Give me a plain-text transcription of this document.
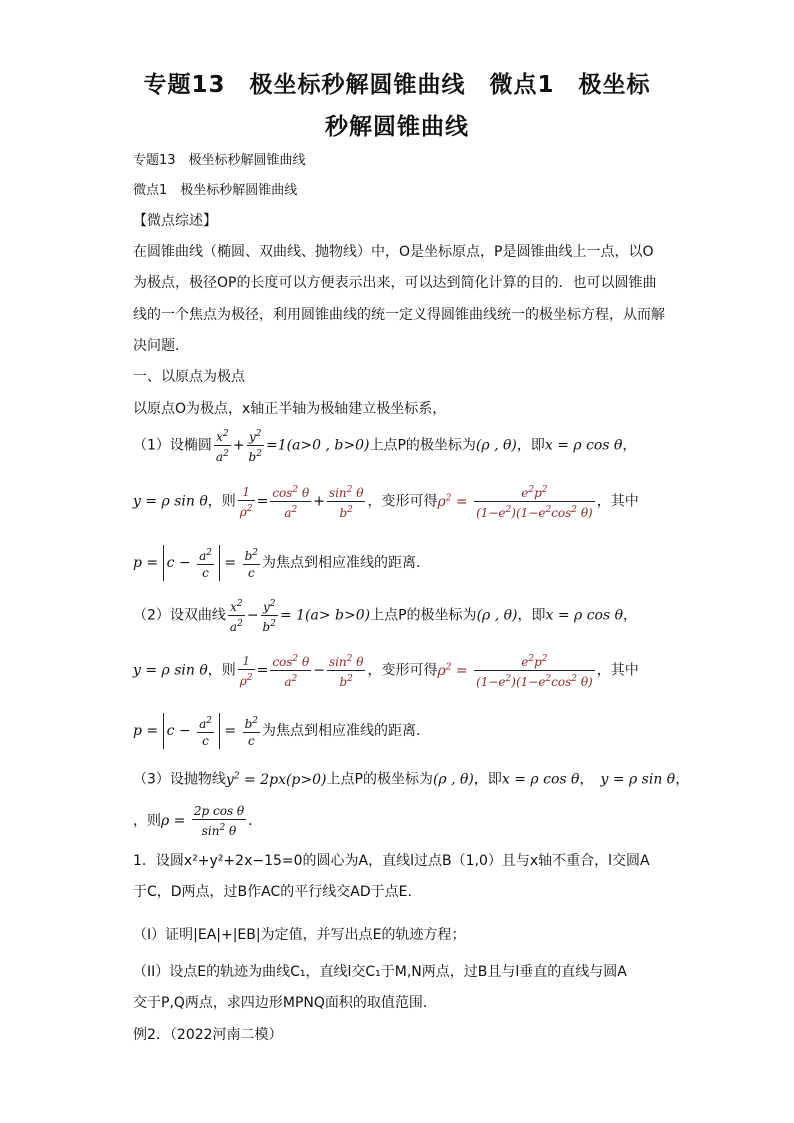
专题13　极坐标秒解圆锥曲线　微点1　极坐标
秒解圆锥曲线
专题13　极坐标秒解圆锥曲线
微点1　极坐标秒解圆锥曲线
【微点综述】
在圆锥曲线（椭圆、双曲线、抛物线）中，O是坐标原点，P是圆锥曲线上一点，以O
为极点，极径OP的长度可以方便表示出来，可以达到简化计算的目的．也可以圆锥曲
线的一个焦点为极径，利用圆锥曲线的统一定义得圆锥曲线统一的极坐标方程，从而解
决问题．
一、以原点为极点
以原点O为极点，x轴正半轴为极轴建立极坐标系，
（1）设椭圆 $\frac{x^2}{a^2} + \frac{y^2}{b^2} =1(a>0$ , b>0)上点P的极坐标为(ρ , θ)，即x = ρ cos θ，
y = ρ sin θ，则 $\frac{1}{\rho^2} = \frac{\cos^2 \theta}{a^2} + \frac{\sin^2 \theta}{b^2}$ ，变形可得$\rho^2 = \frac{e^2p^2}{(1-e^2)(1-e^2\cos^2 \theta)}$ ，其中
$p = c - \frac{a^2}{c} = \frac{b^2}{c}$ 为焦点到相应准线的距离．
（2）设双曲线 $\frac{x^2}{a^2} - \frac{y^2}{b^2} = 1(a> b>0)$上点P的极坐标为(ρ , θ)，即x = ρ cos θ，
y = ρ sin θ，则 $\frac{1}{\rho^2} = \frac{\cos^2 \theta}{a^2} - \frac{\sin^2 \theta}{b^2}$ ，变形可得$\rho^2 = \frac{e^2p^2}{(1-e^2)(1-e^2\cos^2 \theta)}$ ，其中
$p = c - \frac{a^2}{c} = \frac{b^2}{c}$ 为焦点到相应准线的距离．
（3）设抛物线$y^2 = 2px(p>0)$上点P的极坐标为(ρ , θ)，即x = ρ cos θ，　y = ρ sin θ，
，则$\rho = \frac{\text{2p cos θ}}{\sin^2 \theta}$ ．
1．设圆x²+y²+2x−15=0的圆心为A，直线l过点B（1,0）且与x轴不重合，l交圆A
于C，D两点，过B作AC的平行线交AD于点E.
（I）证明|EA|+|EB|为定值，并写出点E的轨迹方程；
（II）设点E的轨迹为曲线C₁，直线l交C₁于M,N两点，过B且与l垂直的直线与圆A
交于P,Q两点，求四边形MPNQ面积的取值范围.
例2．（2022河南二模）
